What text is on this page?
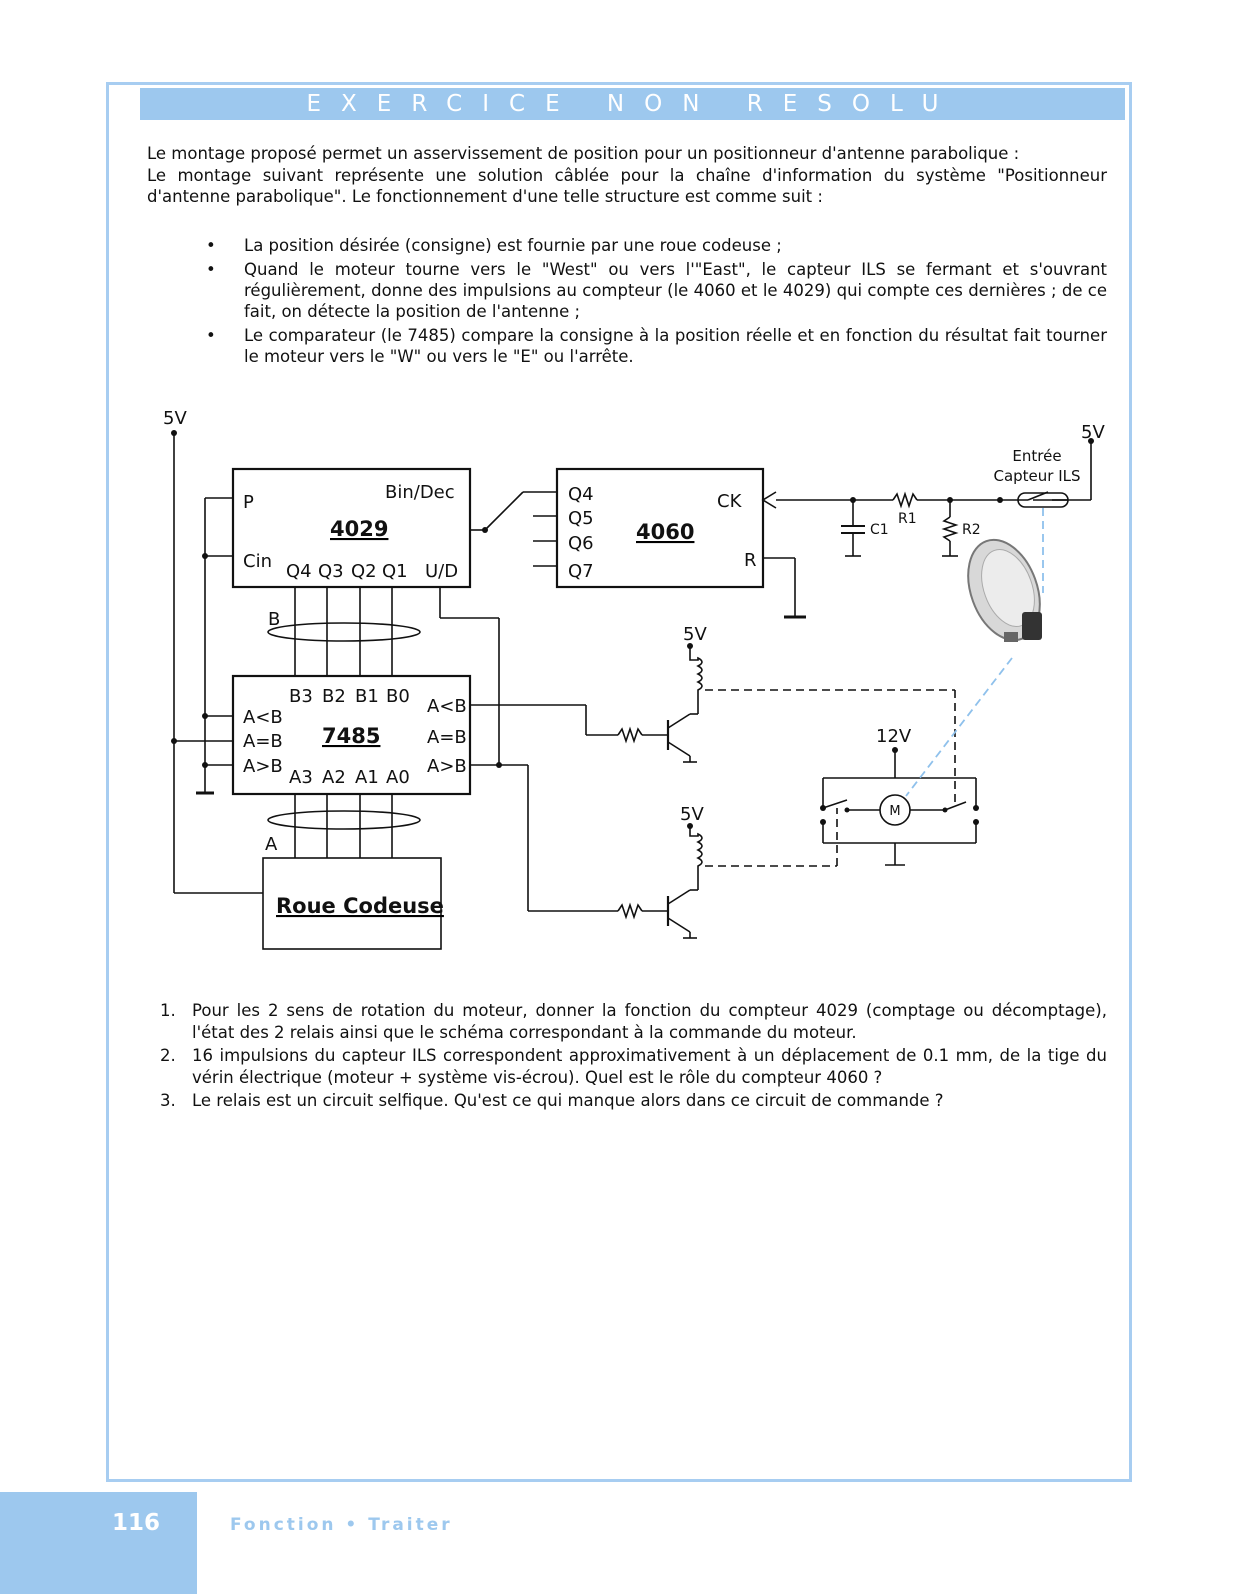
EXERCICE NON RESOLU
Le montage proposé permet un asservissement de position pour un positionneur d'antenne parabolique :
Le montage suivant représente une solution câblée pour la chaîne d'information du système "Positionneur d'antenne parabolique". Le fonctionnement d'une telle structure est comme suit :
• La position désirée (consigne) est fournie par une roue codeuse ;
• Quand le moteur tourne vers le "West" ou vers l'"East", le capteur ILS se fermant et s'ouvrant régulièrement, donne des impulsions au compteur (le 4060 et le 4029) qui compte ces dernières ; de ce fait, on détecte la position de l'antenne ;
• Le comparateur (le 7485) compare la consigne à la position réelle et en fonction du résultat fait tourner le moteur vers le "W" ou vers le "E" ou l'arrête.
5V
5V
5V
5V
12V
P	Bin/Dec
Cin Q4 Q3 Q2 Q1 U/D
Q4
Q5
Q6
Q7
CK
R
B
A
B3 B2 B1 B0
A3 A2 A1 A0
A<B
A=B
A>B
A<B
A=B
A>B
4029	4060
7485
Roue Codeuse
C1
R1
R2
Entrée
Capteur ILS
M
1. Pour les 2 sens de rotation du moteur, donner la fonction du compteur 4029 (comptage ou décomptage), l'état des 2 relais ainsi que le schéma correspondant à la commande du moteur.
2. 16 impulsions du capteur ILS correspondent approximativement à un déplacement de 0.1 mm, de la tige du vérin électrique (moteur + système vis-écrou). Quel est le rôle du compteur 4060 ?
3. Le relais est un circuit selfique. Qu'est ce qui manque alors dans ce circuit de commande ?
116	Fonction • Traiter
